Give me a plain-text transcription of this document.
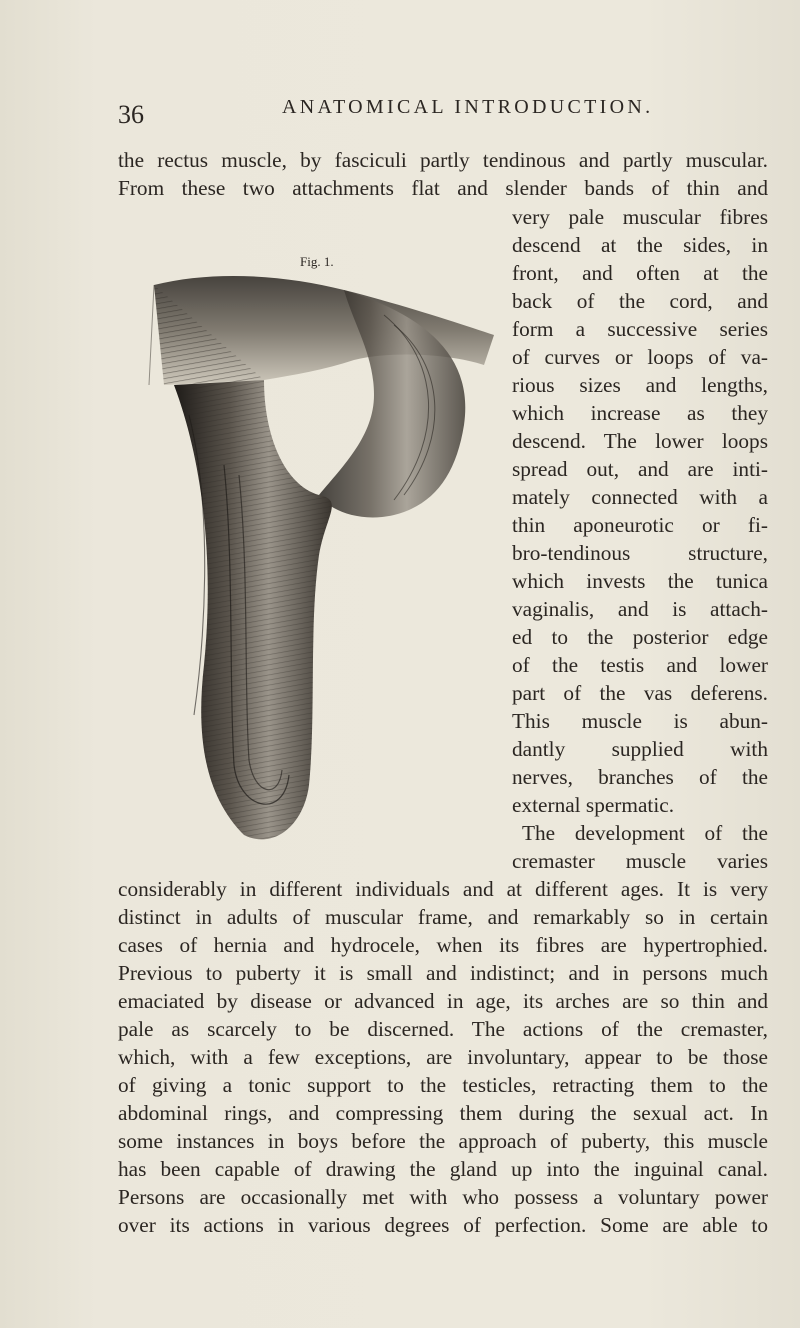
36	ANATOMICAL INTRODUCTION.
Fig. 1.
the rectus muscle, by fasciculi partly tendinous and partly muscular.
From these two attachments flat and slender bands of thin and
very pale muscular fibres
descend at the sides, in
front, and often at the
back of the cord, and
form a successive series
of curves or loops of va-
rious sizes and lengths,
which increase as they
descend. The lower loops
spread out, and are inti-
mately connected with a
thin aponeurotic or fi-
bro-tendinous structure,
which invests the tunica
vaginalis, and is attach-
ed to the posterior edge
of the testis and lower
part of the vas deferens.
This muscle is abun-
dantly supplied with
nerves, branches of the
external spermatic.
The development of the
cremaster muscle varies
considerably in different individuals and at different ages. It is very
distinct in adults of muscular frame, and remarkably so in certain
cases of hernia and hydrocele, when its fibres are hypertrophied.
Previous to puberty it is small and indistinct; and in persons much
emaciated by disease or advanced in age, its arches are so thin and
pale as scarcely to be discerned. The actions of the cremaster,
which, with a few exceptions, are involuntary, appear to be those
of giving a tonic support to the testicles, retracting them to the
abdominal rings, and compressing them during the sexual act. In
some instances in boys before the approach of puberty, this muscle
has been capable of drawing the gland up into the inguinal canal.
Persons are occasionally met with who possess a voluntary power
over its actions in various degrees of perfection. Some are able to
